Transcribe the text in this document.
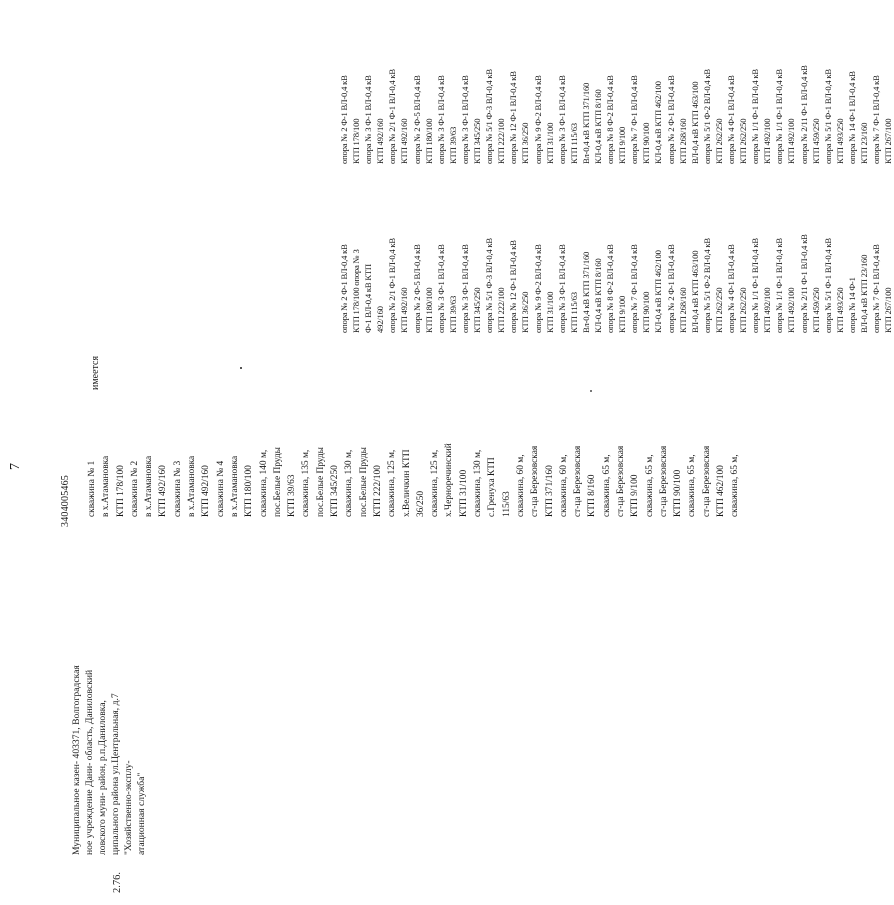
7
2.76.
Муниципальное казен- 403371, Волгоградская ное учреждение Дани- область, Даниловский ловского муни- район, р.п.Даниловка, ципального района ул.Центральная, д.7 "Хозяйственно-эксплу- атационная служба"
3404005465 скважина № 1 в х.Атамановка КТП 178/100 скважина № 2 в х.Атамановка КТП 492/160 скважина № 3 в х.Атамановка КТП 492/160 скважина № 4 в х.Атамановка КТП 180/100 скважина, 140 м, пос.Белые Пруды КТП 39/63 скважина, 135 м, пос.Белые Пруды КТП 345/250 скважина, 130 м, пос.Белые Пруды КТП 222/100 скважина, 125 м, х.Величкин КТП 36/250 скважина, 125 м, х.Черноречинский КТП 31/100 скважина, 130 м, с.Гренуха КТП 115/63 скважина, 60 м, ст-ца Березовская КТП 371/160 скважина, 60 м, ст-ца Березовская КТП 8/160 скважина, 65 м, ст-ца Березовская КТП 9/100 скважина, 65 м, ст-ца Березовская КТП 90/100 скважина, 65 м, ст-ца Березовская КТП 462/100 скважина, 65 м,
имеется
опора № 2 Ф-1 ВЛ-0,4 кВ КТП 178/100 опора № 3 Ф-1 ВЛ-0,4 кВ КТП 492/160 опора № 2/1 Ф-1 ВЛ-0,4 кВ КТП 492/160 опора № 2 Ф-5 ВЛ-0,4 кВ КТП 180/100 опора № 3 Ф-1 ВЛ-0,4 кВ КТП 39/63 опора № 3 Ф-1 ВЛ-0,4 кВ КТП 345/250 опора № 5/1 Ф-3 ВЛ-0,4 кВ КТП 222/100 опора № 12 Ф-1 ВЛ-0,4 кВ КТП 36/250 опора № 9 Ф-2 ВЛ-0,4 кВ КТП 31/100 опора № 3 Ф-1 ВЛ-0,4 кВ КТП 115/63 Вл-0,4 кВ КТП 371/160 КЛ-0,4 кВ КТП 8/160 опора № 8 Ф-2 ВЛ-0,4 кВ КТП 9/100 опора № 7 Ф-1 ВЛ-0,4 кВ КТП 90/100 КЛ-0,4 кВ КТП 462/100 опора № 2 Ф-1 ВЛ-0,4 кВ КТП 268/160 ВЛ-0,4 кВ КТП 463/100 опора № 5/1 Ф-2 ВЛ-0,4 кВ КТП 262/250 опора № 4 Ф-1 ВЛ-0,4 кВ КТП 262/250 опора № 1/1 Ф-1 ВЛ-0,4 кВ КТП 492/100 опора № 1/1 Ф-1 ВЛ-0,4 кВ КТП 492/100 опора № 2/11 Ф-1 ВЛ-0,4 кВ КТП 459/250 опора № 5/1 Ф-1 ВЛ-0,4 кВ КТП 493/250 опора № 14 Ф-1 ВЛ-0,4 кВ КТП 23/160 опора № 7 Ф-1 ВЛ-0,4 кВ КТП 267/100
опора № 2 Ф-1 ВЛ-0,4 кВ КТП 178/100 опора № 3 Ф-1 ВЛ-0,4 кВ КТП 492/160 опора № 2/1 Ф-1 ВЛ-0,4 кВ КТП 492/160 опора № 2 Ф-5 ВЛ-0,4 кВ КТП 180/100 опора № 3 Ф-1 ВЛ-0,4 кВ КТП 39/63 опора № 3 Ф-1 ВЛ-0,4 кВ КТП 345/250 опора № 5/1 Ф-3 ВЛ-0,4 кВ КТП 222/100 опора № 12 Ф-1 ВЛ-0,4 кВ КТП 36/250 опора № 9 Ф-2 ВЛ-0,4 кВ КТП 31/100 опора № 3 Ф-1 ВЛ-0,4 кВ КТП 115/63 Вл-0,4 кВ КТП 371/160 КЛ-0,4 кВ КТП 8/160 опора № 8 Ф-2 ВЛ-0,4 кВ КТП 9/100 опора № 7 Ф-1 ВЛ-0,4 кВ КТП 90/100 КЛ-0,4 кВ КТП 462/100 опора № 2 Ф-1 ВЛ-0,4 кВ КТП 268/160 ВЛ-0,4 кВ КТП 463/100 опора № 5/1 Ф-2 ВЛ-0,4 кВ КТП 262/250 опора № 4 Ф-1 ВЛ-0,4 кВ КТП 262/250 опора № 1/1 Ф-1 ВЛ-0,4 кВ КТП 492/100 опора № 1/1 Ф-1 ВЛ-0,4 кВ КТП 492/100 опора № 2/11 Ф-1 ВЛ-0,4 кВ КТП 459/250 опора № 5/1 Ф-1 ВЛ-0,4 кВ КТП 493/250 опора № 14 Ф-1 ВЛ-0,4 кВ КТП 23/160 опора № 7 Ф-1 ВЛ-0,4 кВ КТП 267/100
